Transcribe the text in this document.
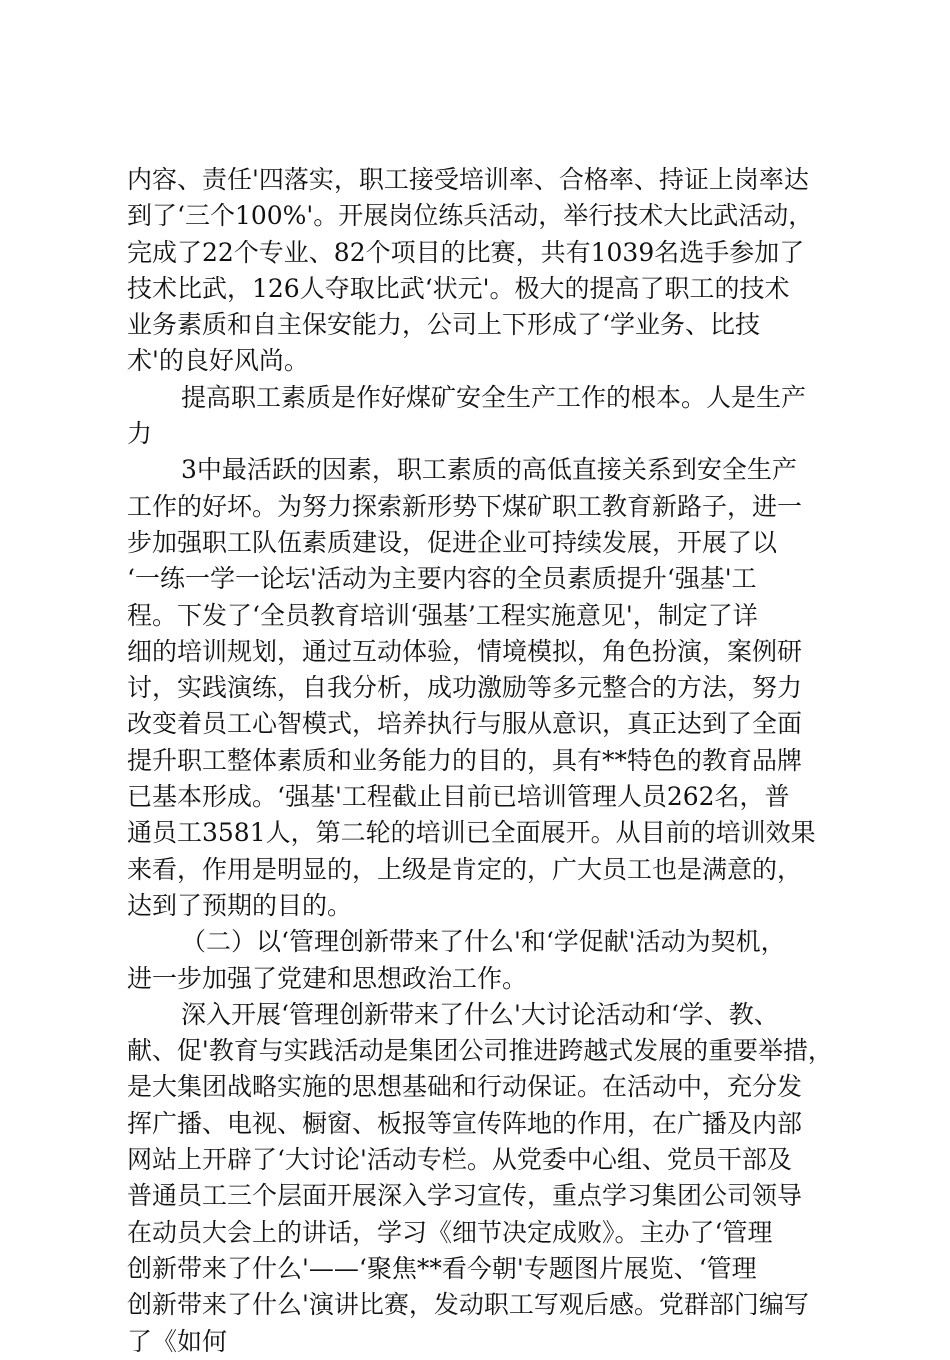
内容、责任'四落实，职工接受培训率、合格率、持证上岗率达
到了‘三个100%'。开展岗位练兵活动，举行技术大比武活动，
完成了22个专业、82个项目的比赛，共有1039名选手参加了
技术比武，126人夺取比武‘状元'。极大的提高了职工的技术
业务素质和自主保安能力，公司上下形成了‘学业务、比技
术'的良好风尚。
提高职工素质是作好煤矿安全生产工作的根本。人是生产
力
3中最活跃的因素，职工素质的高低直接关系到安全生产
工作的好坏。为努力探索新形势下煤矿职工教育新路子，进一
步加强职工队伍素质建设，促进企业可持续发展，开展了以
‘一练一学一论坛'活动为主要内容的全员素质提升‘强基'工
程。下发了‘全员教育培训‘强基’工程实施意见'，制定了详
细的培训规划，通过互动体验，情境模拟，角色扮演，案例研
讨，实践演练，自我分析，成功激励等多元整合的方法，努力
改变着员工心智模式，培养执行与服从意识，真正达到了全面
提升职工整体素质和业务能力的目的，具有**特色的教育品牌
已基本形成。‘强基'工程截止目前已培训管理人员262名，普
通员工3581人，第二轮的培训已全面展开。从目前的培训效果
来看，作用是明显的，上级是肯定的，广大员工也是满意的，
达到了预期的目的。
（二）以‘管理创新带来了什么'和‘学促献'活动为契机，
进一步加强了党建和思想政治工作。
深入开展‘管理创新带来了什么'大讨论活动和‘学、教、
献、促'教育与实践活动是集团公司推进跨越式发展的重要举措，
是大集团战略实施的思想基础和行动保证。在活动中，充分发
挥广播、电视、橱窗、板报等宣传阵地的作用，在广播及内部
网站上开辟了‘大讨论'活动专栏。从党委中心组、党员干部及
普通员工三个层面开展深入学习宣传，重点学习集团公司领导
在动员大会上的讲话，学习《细节决定成败》。主办了‘管理
创新带来了什么'——‘聚焦**看今朝'专题图片展览、‘管理
创新带来了什么'演讲比赛，发动职工写观后感。党群部门编写
了《如何
